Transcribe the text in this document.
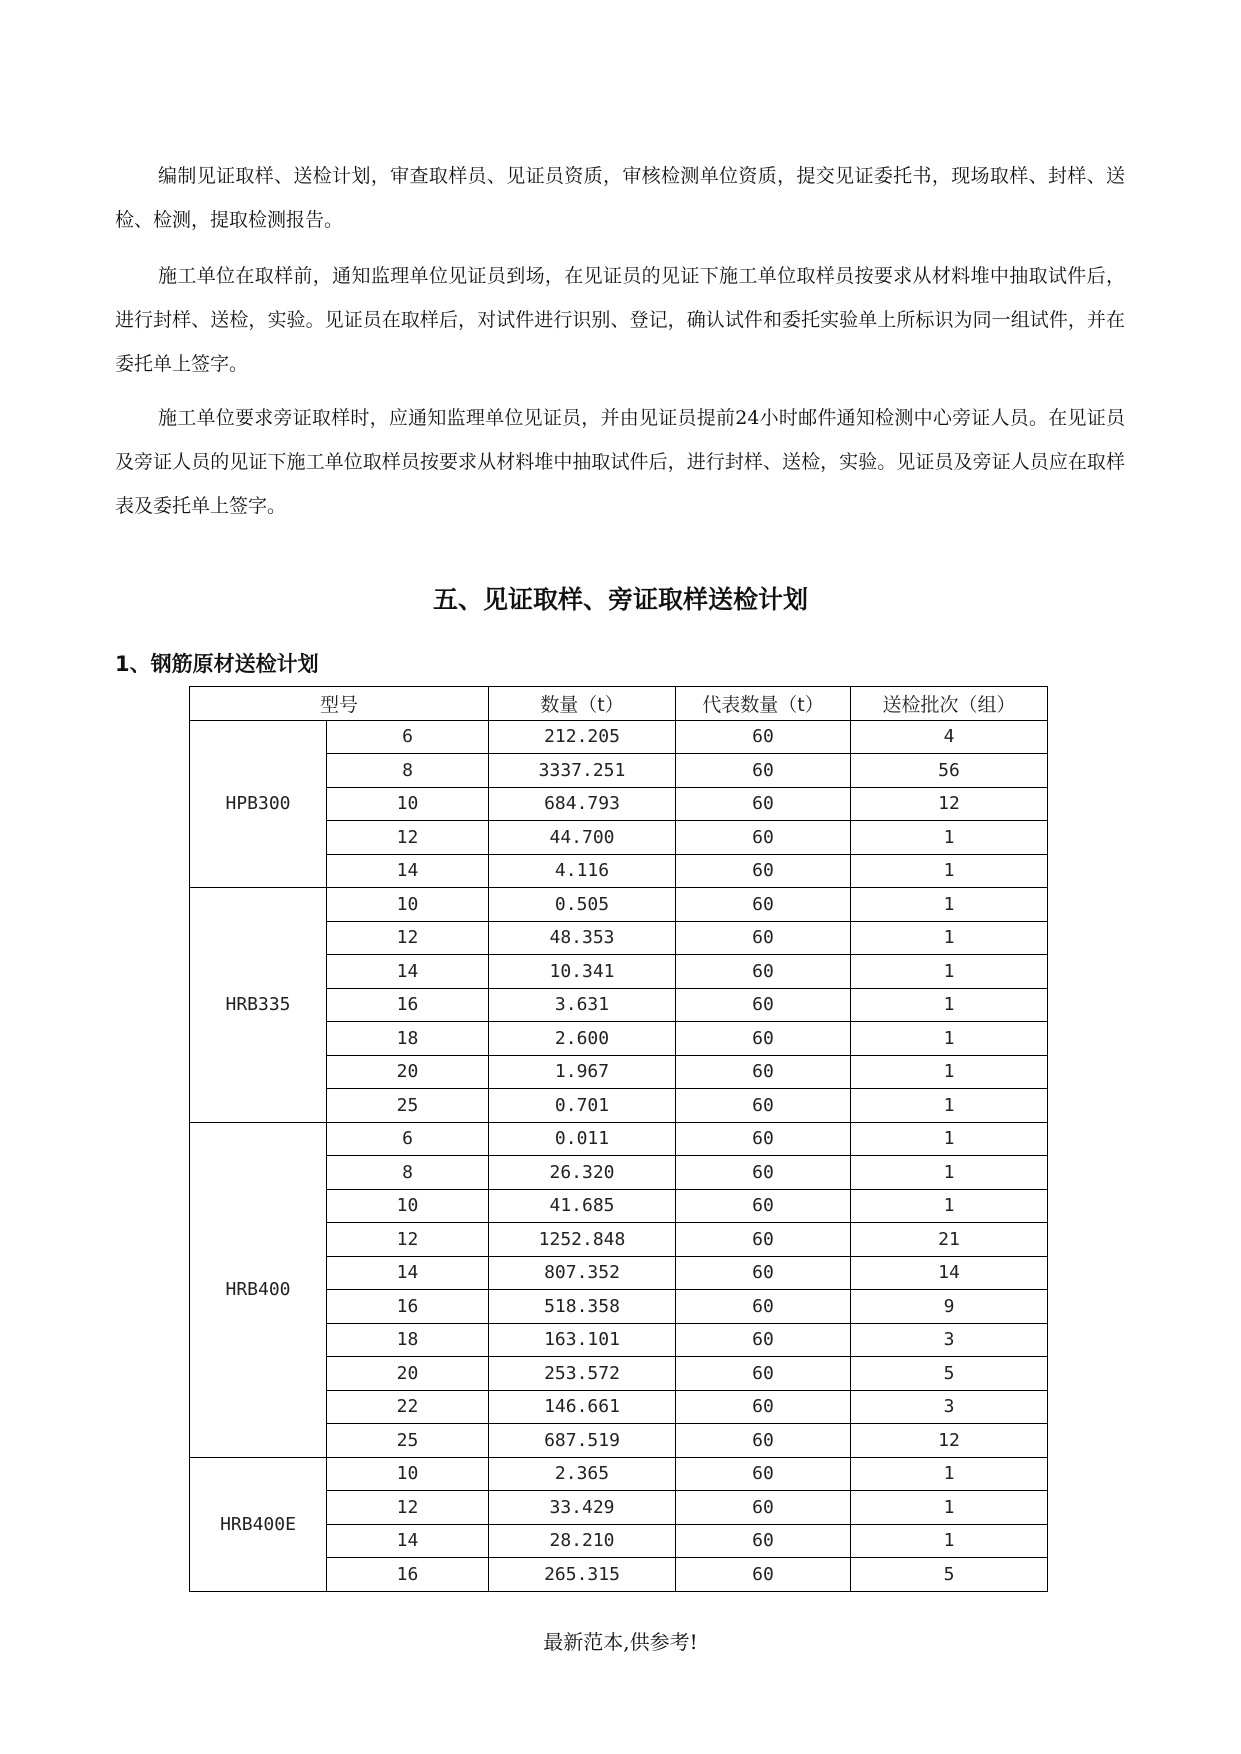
编制见证取样、送检计划，审查取样员、见证员资质，审核检测单位资质，提交见证委托书，现场取样、封样、送检、检测，提取检测报告。

施工单位在取样前，通知监理单位见证员到场，在见证员的见证下施工单位取样员按要求从材料堆中抽取试件后，进行封样、送检，实验。见证员在取样后，对试件进行识别、登记，确认试件和委托实验单上所标识为同一组试件，并在委托单上签字。

施工单位要求旁证取样时，应通知监理单位见证员，并由见证员提前24小时邮件通知检测中心旁证人员。在见证员及旁证人员的见证下施工单位取样员按要求从材料堆中抽取试件后，进行封样、送检，实验。见证员及旁证人员应在取样表及委托单上签字。

五、见证取样、旁证取样送检计划
1、钢筋原材送检计划
型号		数量（t）	代表数量（t）	送检批次（组）
HPB300	6	212.205	60	4
	8	3337.251	60	56
	10	684.793	60	12
	12	44.700	60	1
	14	4.116	60	1
HRB335	10	0.505	60	1
	12	48.353	60	1
	14	10.341	60	1
	16	3.631	60	1
	18	2.600	60	1
	20	1.967	60	1
	25	0.701	60	1
HRB400	6	0.011	60	1
	8	26.320	60	1
	10	41.685	60	1
	12	1252.848	60	21
	14	807.352	60	14
	16	518.358	60	9
	18	163.101	60	3
	20	253.572	60	5
	22	146.661	60	3
	25	687.519	60	12
HRB400E	10	2.365	60	1
	12	33.429	60	1
	14	28.210	60	1
	16	265.315	60	5

最新范本,供参考!
